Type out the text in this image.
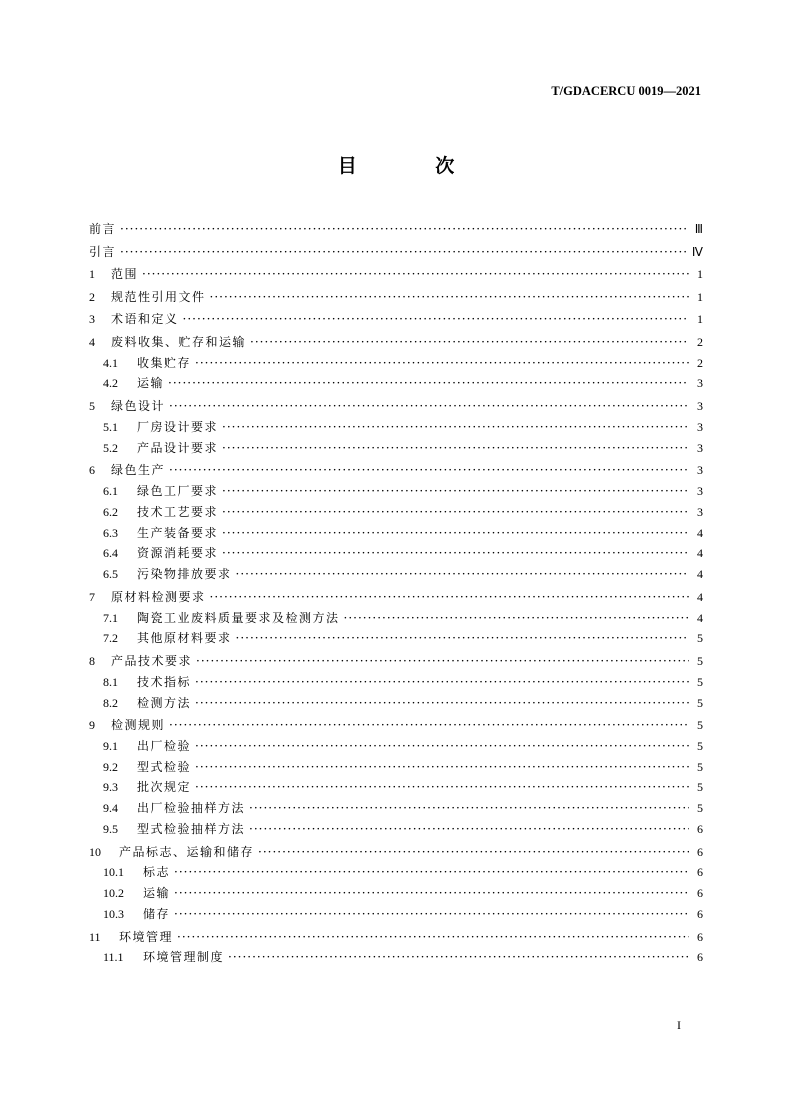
T/GDACERCU 0019—2021
目 次
前言 ·····	Ⅲ
引言 ·····	Ⅳ
1	范围 ·····	1
2	规范性引用文件 ·····	1
3	术语和定义 ·····	1
4	废料收集、贮存和运输 ·····	2
4.1	收集贮存 ·····	2
4.2	运输 ·····	3
5	绿色设计 ·····	3
5.1	厂房设计要求 ·····	3
5.2	产品设计要求 ·····	3
6	绿色生产 ·····	3
6.1	绿色工厂要求 ·····	3
6.2	技术工艺要求 ·····	3
6.3	生产装备要求 ·····	4
6.4	资源消耗要求 ·····	4
6.5	污染物排放要求 ·····	4
7	原材料检测要求 ·····	4
7.1	陶瓷工业废料质量要求及检测方法 ·····	4
7.2	其他原材料要求 ·····	5
8	产品技术要求 ·····	5
8.1	技术指标 ·····	5
8.2	检测方法 ·····	5
9	检测规则 ·····	5
9.1	出厂检验 ·····	5
9.2	型式检验 ·····	5
9.3	批次规定 ·····	5
9.4	出厂检验抽样方法 ·····	5
9.5	型式检验抽样方法 ·····	6
10	产品标志、运输和储存 ·····	6
10.1	标志 ·····	6
10.2	运输 ·····	6
10.3	储存 ·····	6
11	环境管理 ·····	6
11.1	环境管理制度 ·····	6
I
